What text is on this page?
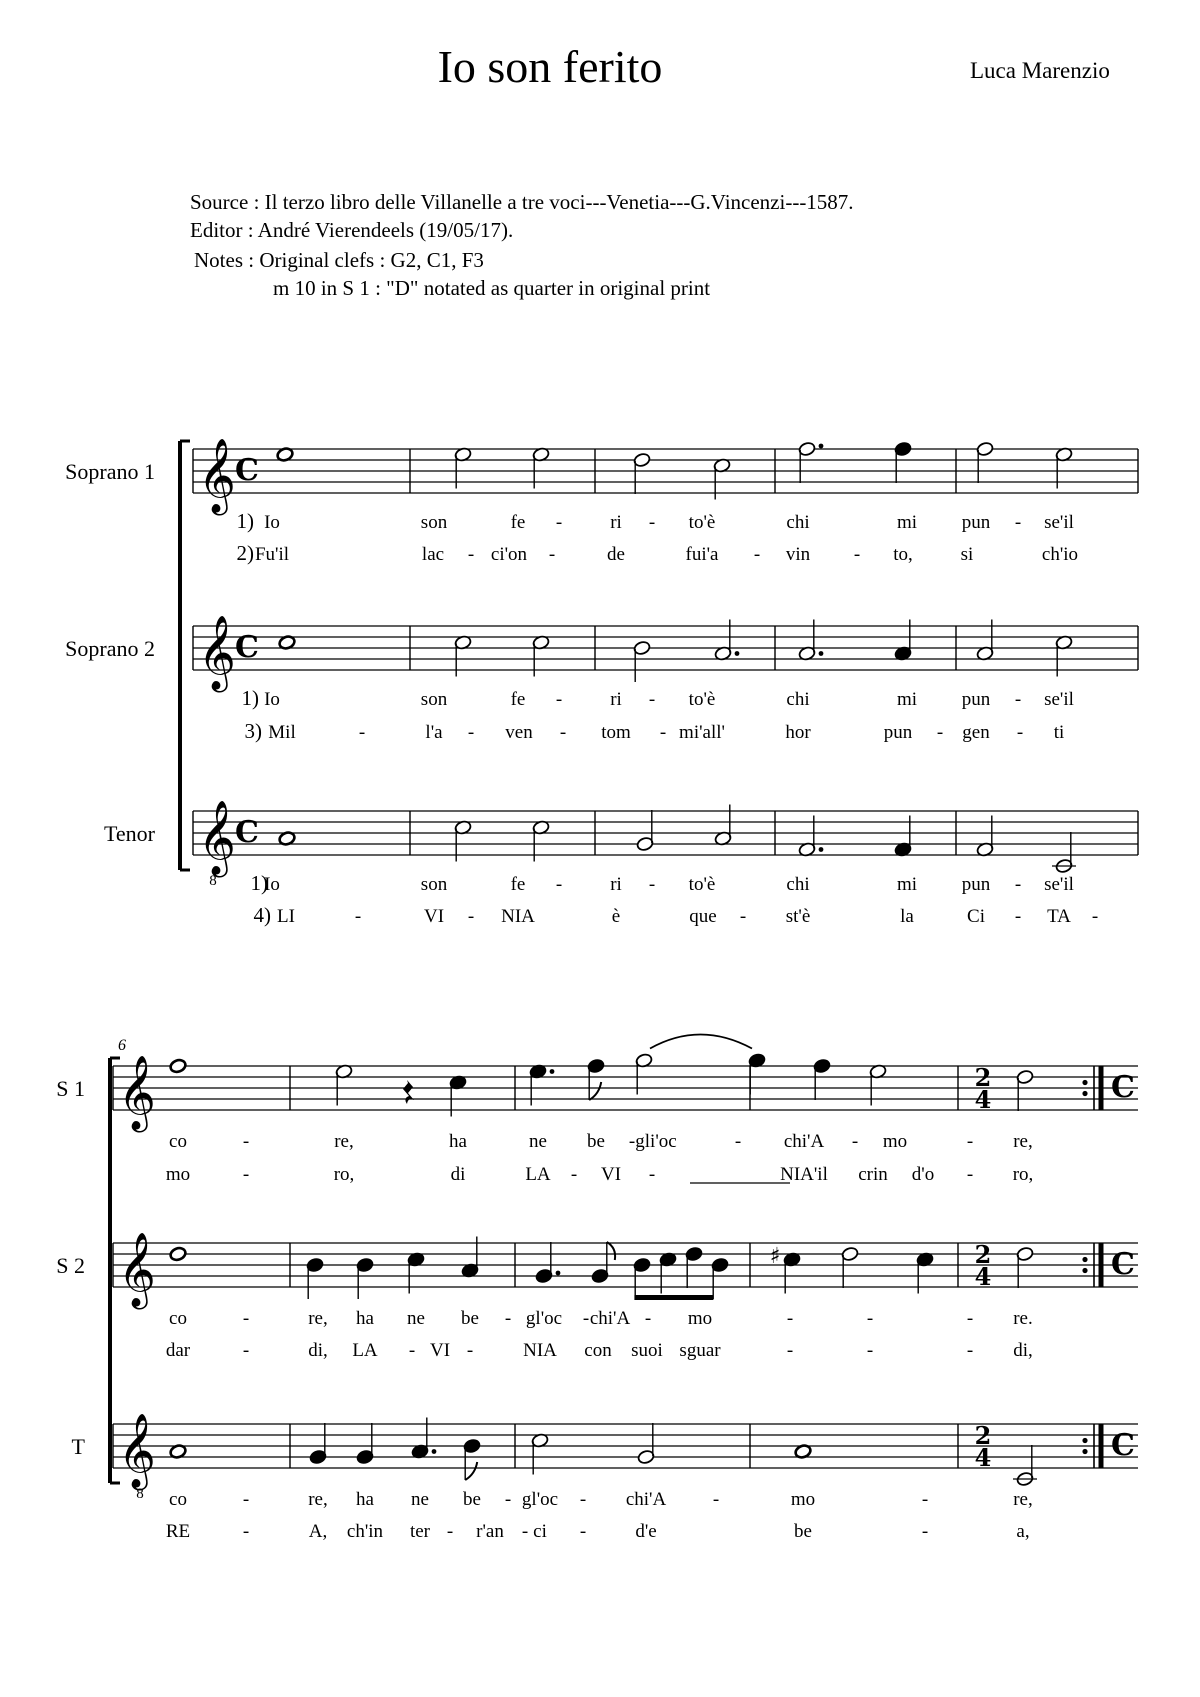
Io son ferito	Luca Marenzio
Source : Il terzo libro delle Villanelle a tre voci---Venetia---G.Vincenzi---1587.
Editor : André Vierendeels (19/05/17).
Notes : Original clefs : G2, C1, F3
m 10 in S 1 : "D" notated as quarter in original print
Soprano 1 𝄞 C
Soprano 2 𝄞 C
Tenor 𝄞 C
8
1)
2)
Io	son	fe -	ri - to'è	chi	mi pun - se'il
Fu'il	lac - ci'on -	de	fui'a - vin - to,	si	ch'io
1)
3)
Io	son	fe -	ri - to'è	chi	mi pun - se'il
Mil	-	l'a - ven - tom - mi'all'	hor	pun - gen - ti
1)
4)
Io	son	fe -	ri - to'è	chi	mi pun - se'il
LI	-	VI - NIA	è	que - st'è	la	Ci - TA -
6
S 1 𝄞	2
4	C
S 2 𝄞	2
4	C
T 𝄞	2
4	C
8
♯
co	-	re,	ha	ne be - gli'oc	- chi'A - mo	- re,
mo	-	ro,	di	LA - VI -	NIA'il crin d'o - ro,
co	-	re, ha ne be - gl'oc - chi'A - mo	-	-	- re.
dar	-	di, LA - VI -	NIA con suoi sguar	-	-	- di,
co	-	re, ha ne be - gl'oc - chi'A -	mo	-	re,
RE	-	A, ch'in ter - r'an - ci -	d'e	be	-	a,
